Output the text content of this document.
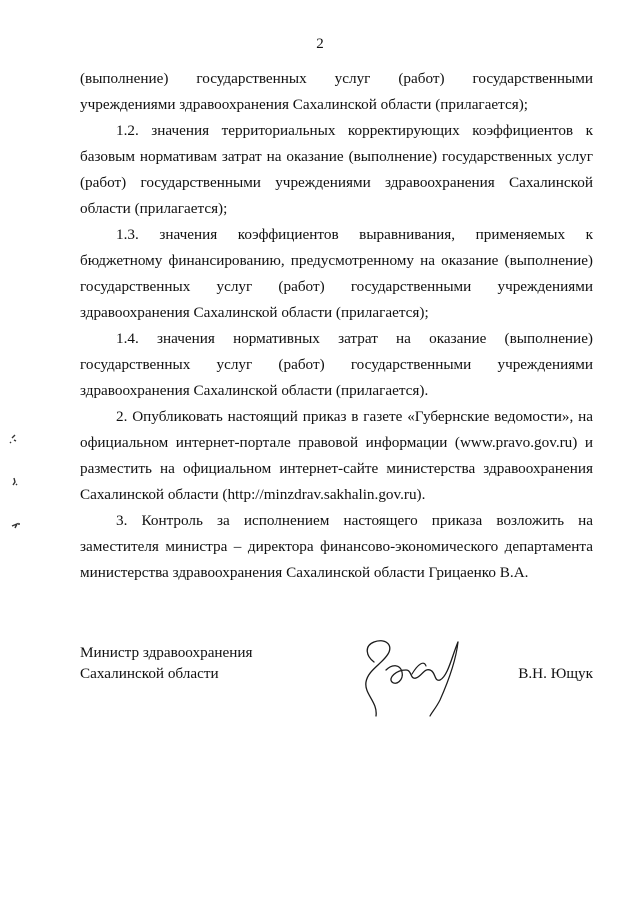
2

(выполнение) государственных услуг (работ) государственными учреждениями здравоохранения Сахалинской области (прилагается);

1.2. значения территориальных корректирующих коэффициентов к базовым нормативам затрат на оказание (выполнение) государственных услуг (работ) государственными учреждениями здравоохранения Сахалинской области (прилагается);

1.3. значения коэффициентов выравнивания, применяемых к бюджетному финансированию, предусмотренному на оказание (выполнение) государственных услуг (работ) государственными учреждениями здравоохранения Сахалинской области (прилагается);

1.4. значения нормативных затрат на оказание (выполнение) государственных услуг (работ) государственными учреждениями здравоохранения Сахалинской области (прилагается).

2. Опубликовать настоящий приказ в газете «Губернские ведомости», на официальном интернет-портале правовой информации (www.pravo.gov.ru) и разместить на официальном интернет-сайте министерства здравоохранения Сахалинской области (http://minzdrav.sakhalin.gov.ru).

3. Контроль за исполнением настоящего приказа возложить на заместителя министра – директора финансово-экономического департамента министерства здравоохранения Сахалинской области Грицаенко В.А.

Министр здравоохранения
Сахалинской области	В.Н. Ющук
